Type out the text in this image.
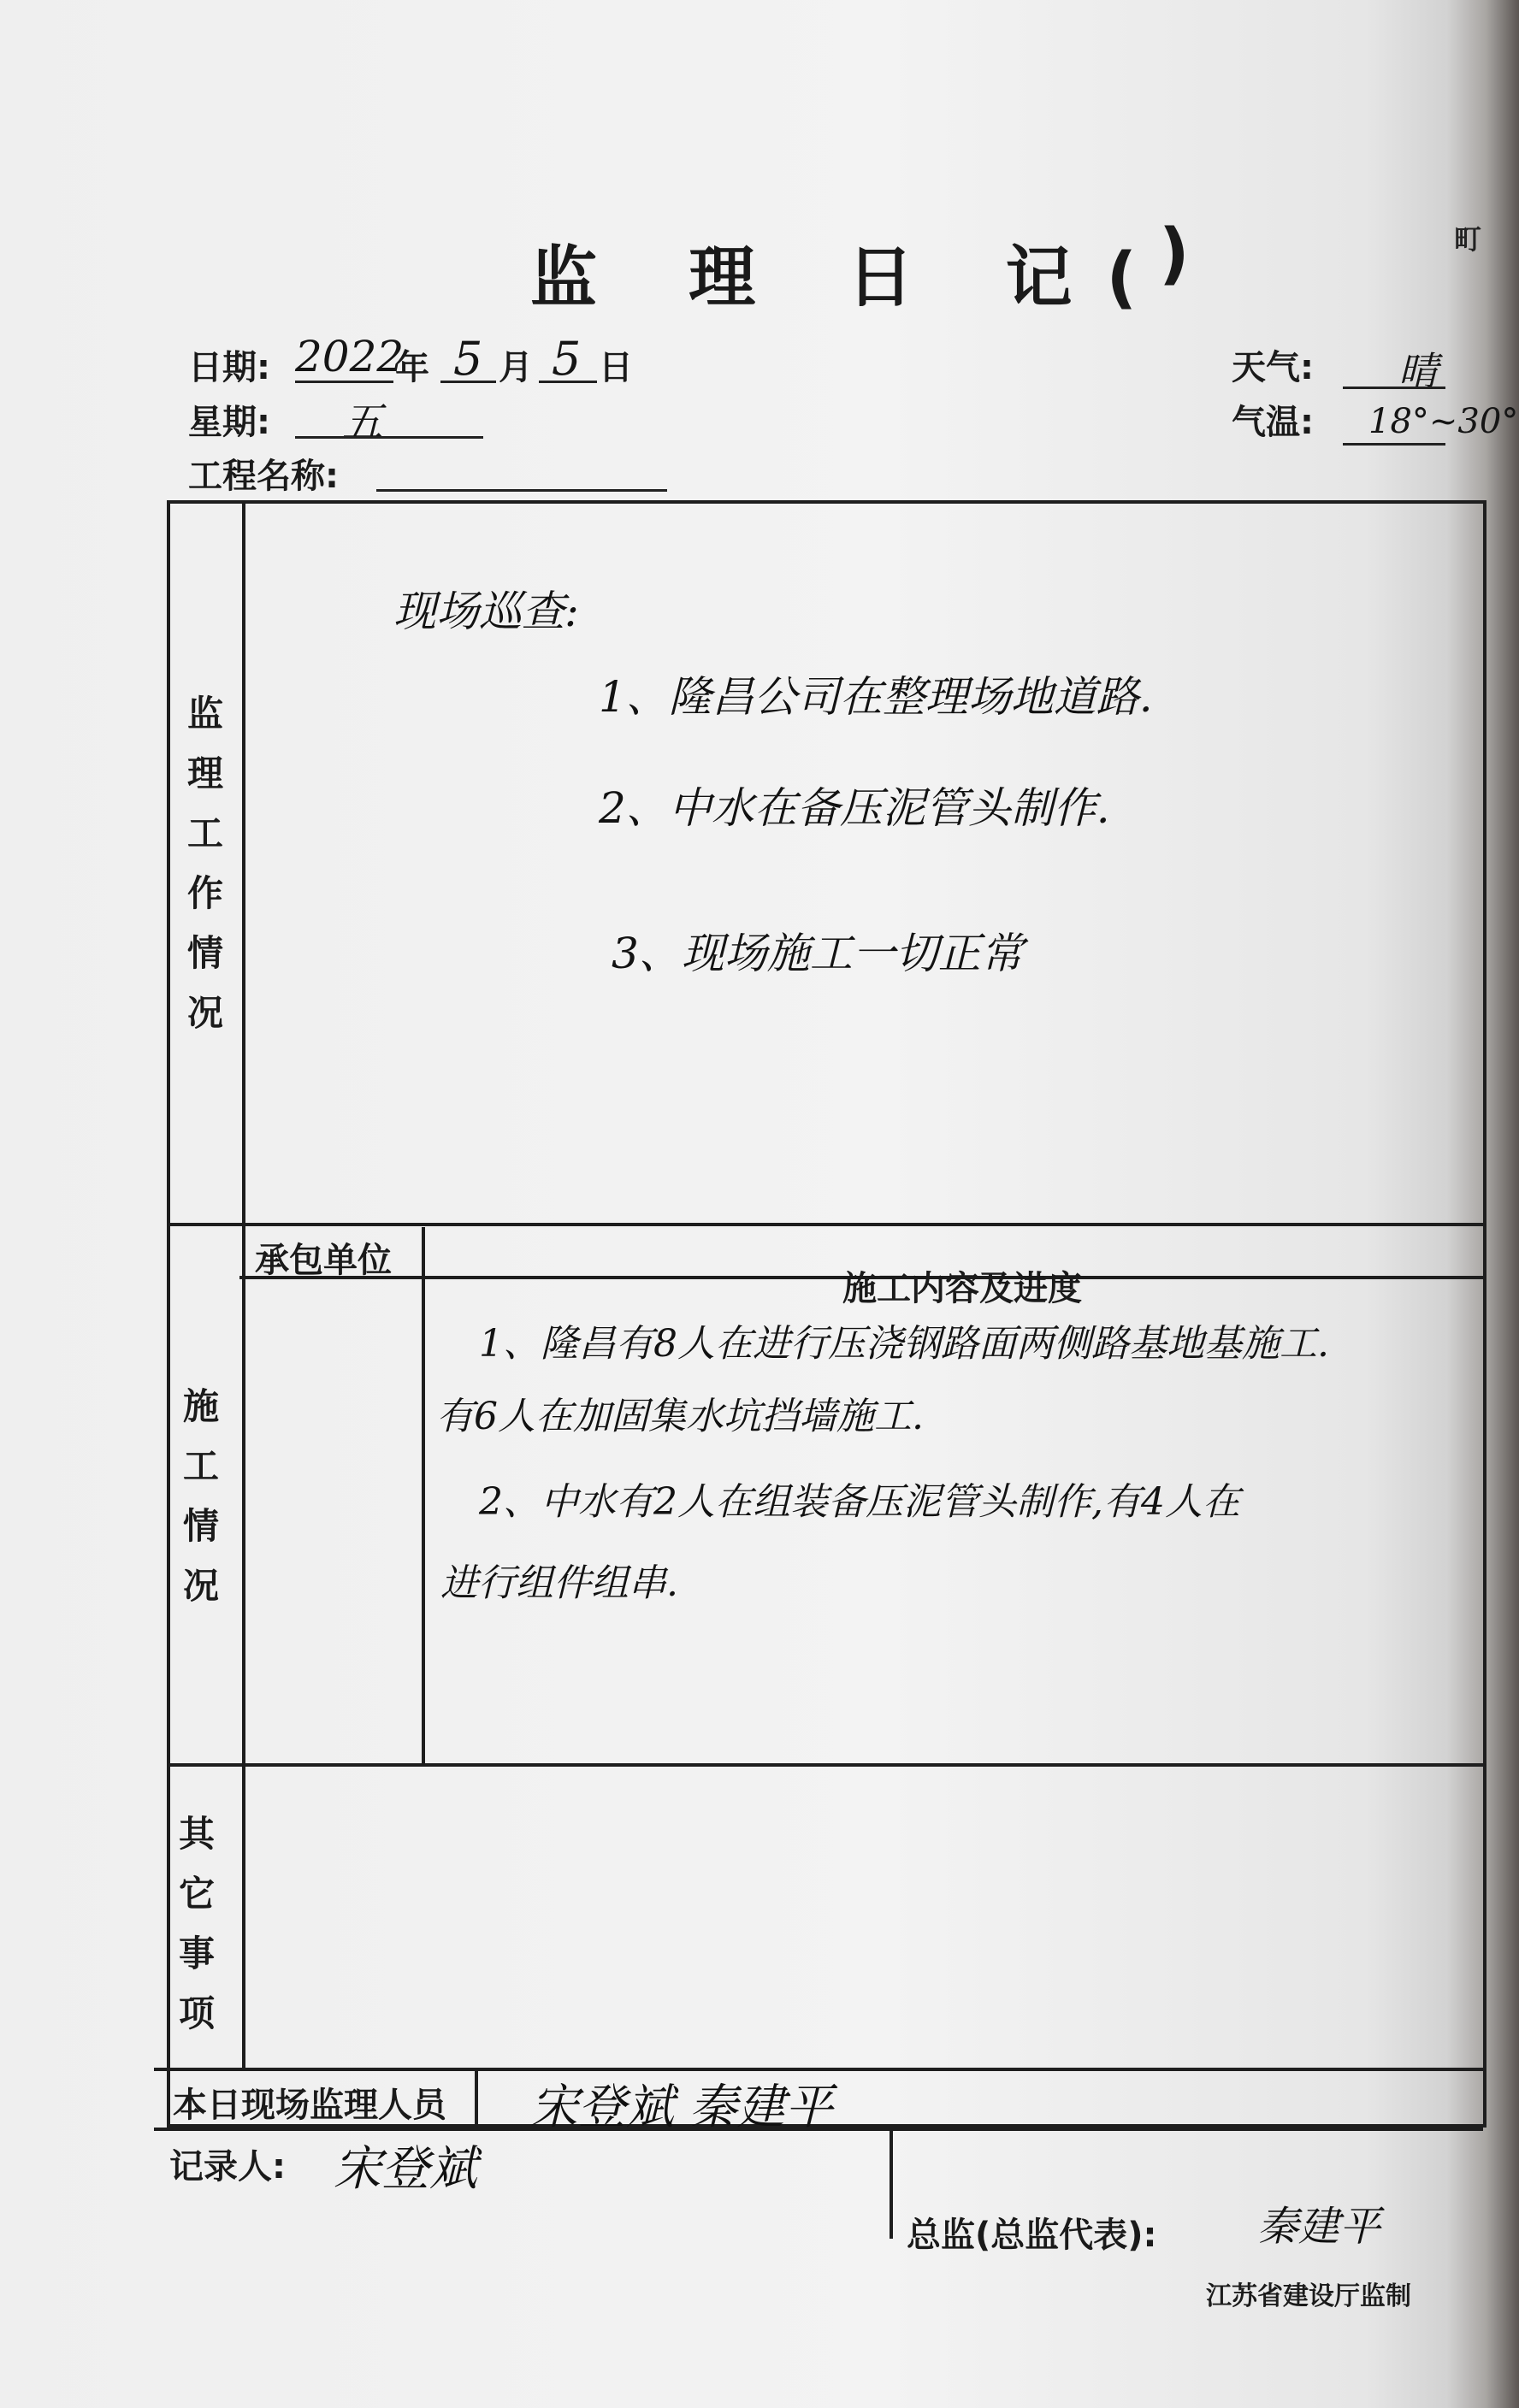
町
监 理 日 记(
)
日期: 2022
年 5 月 5 日
星期: 五
工程名称:
天气: 晴
气温: 18°~30°
监理工作情况
施工情况
其它事项
承包单位
施工内容及进度
现场巡查:
1、隆昌公司在整理场地道路.
2、中水在备压泥管头制作.
3、现场施工一切正常
1、隆昌有8人在进行压浇钢路面两侧路基地基施工.
有6人在加固集水坑挡墙施工.
2、中水有2人在组装备压泥管头制作,有4人在
进行组件组串.
本日现场监理人员 宋登斌 秦建平
记录人: 宋登斌
总监(总监代表): 秦建平
江苏省建设厅监制
